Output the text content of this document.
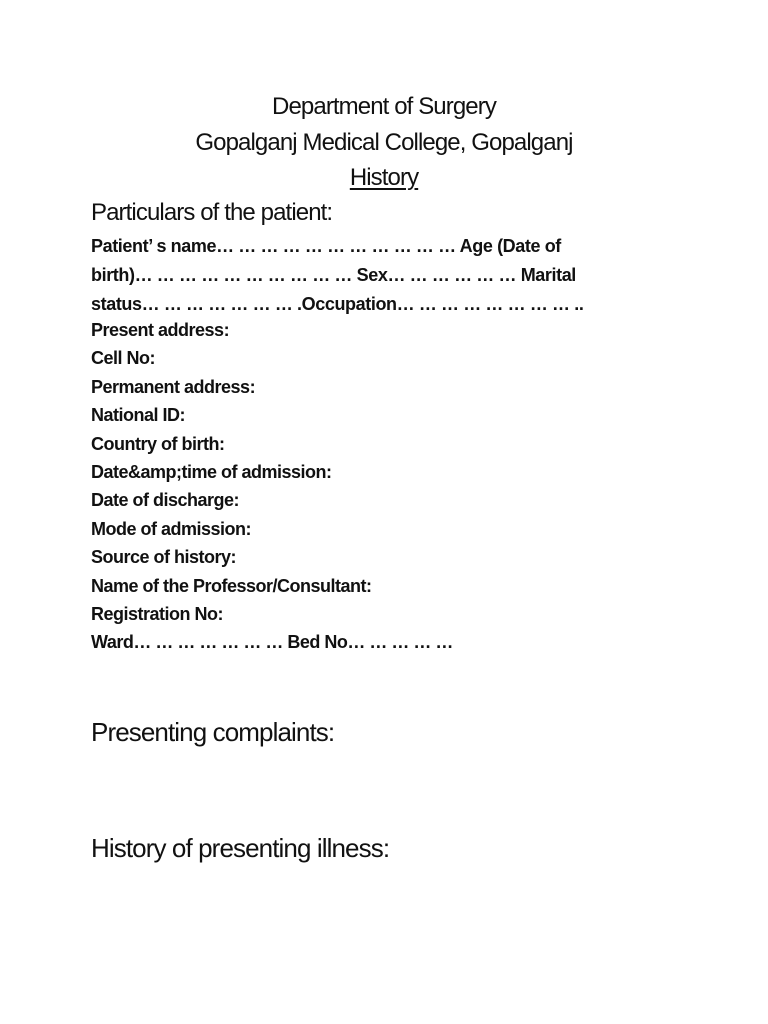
Department of Surgery
Gopalganj Medical College, Gopalganj
History
Particulars of the patient:
Patient’ s name… … … … … … … … … … … Age (Date of
birth)… … … … … … … … … … Sex… … … … … … Marital
status… … … … … … … .Occupation… … … … … … … … ..
Present address:
Cell No:
Permanent address:
National ID:
Country of birth:
Date&amp;time of admission:
Date of discharge:
Mode of admission:
Source of history:
Name of the Professor/Consultant:
Registration No:
Ward… … … … … … … Bed No… … … … …
Presenting complaints:
History of presenting illness:
